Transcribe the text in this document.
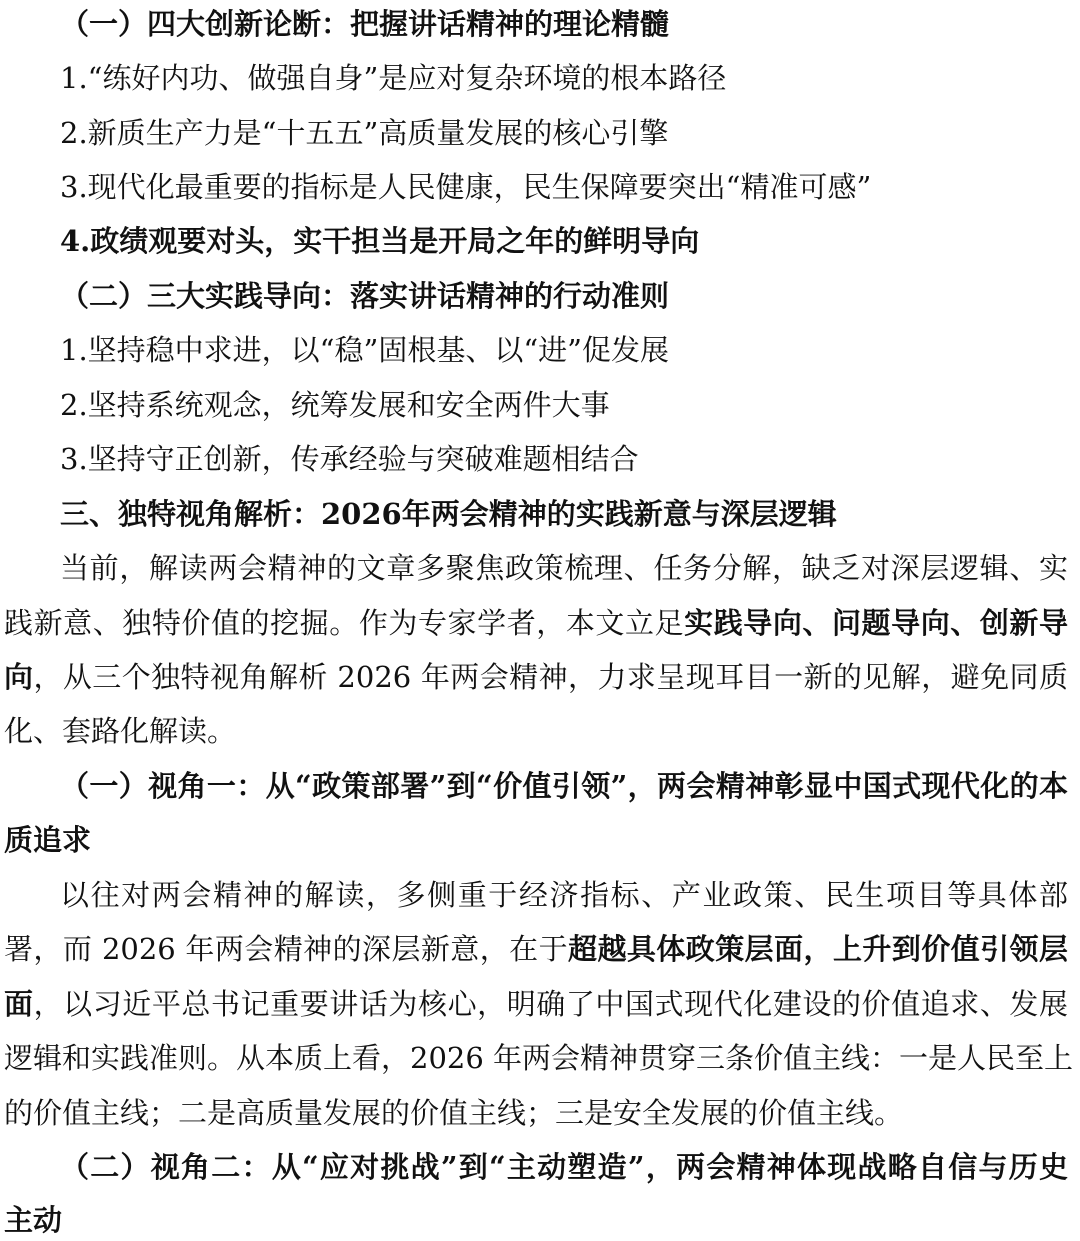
（一）四大创新论断：把握讲话精神的理论精髓
1.“练好内功、做强自身”是应对复杂环境的根本路径
2.新质生产力是“十五五”高质量发展的核心引擎
3.现代化最重要的指标是人民健康，民生保障要突出“精准可感”
4.政绩观要对头，实干担当是开局之年的鲜明导向
（二）三大实践导向：落实讲话精神的行动准则
1.坚持稳中求进，以“稳”固根基、以“进”促发展
2.坚持系统观念，统筹发展和安全两件大事
3.坚持守正创新，传承经验与突破难题相结合
三、独特视角解析：2026年两会精神的实践新意与深层逻辑
当前，解读两会精神的文章多聚焦政策梳理、任务分解，缺乏对深层逻辑、实
践新意、独特价值的挖掘。作为专家学者，本文立足实践导向、问题导向、创新导
向，从三个独特视角解析 2026 年两会精神，力求呈现耳目一新的见解，避免同质
化、套路化解读。
（一）视角一：从“政策部署”到“价值引领”，两会精神彰显中国式现代化的本
质追求
以往对两会精神的解读，多侧重于经济指标、产业政策、民生项目等具体部
署，而 2026 年两会精神的深层新意，在于超越具体政策层面，上升到价值引领层
面，以习近平总书记重要讲话为核心，明确了中国式现代化建设的价值追求、发展
逻辑和实践准则。从本质上看，2026 年两会精神贯穿三条价值主线：一是人民至上
的价值主线；二是高质量发展的价值主线；三是安全发展的价值主线。
（二）视角二：从“应对挑战”到“主动塑造”，两会精神体现战略自信与历史
主动
